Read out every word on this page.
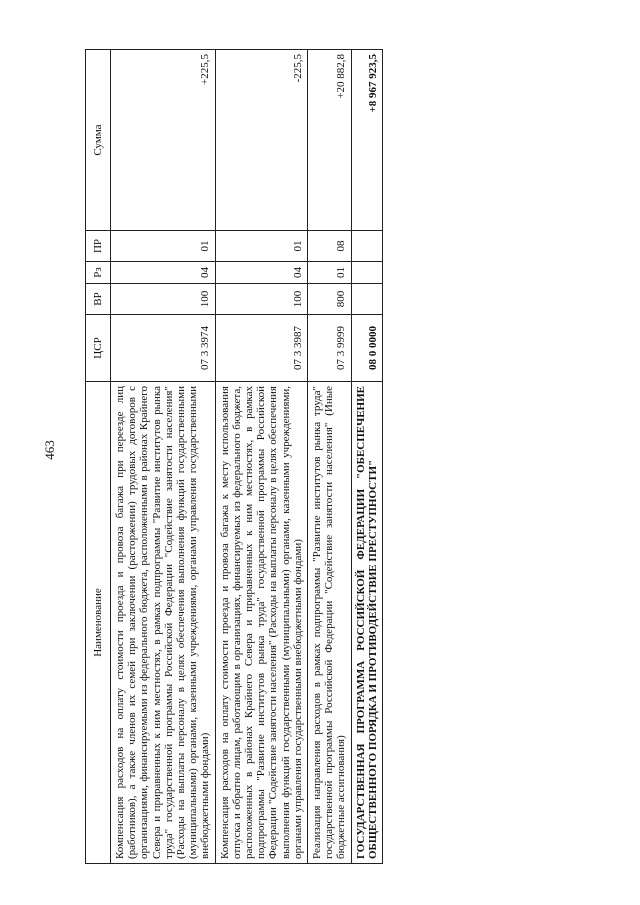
463
Наименование	ЦСР	ВР	Рз	ПР	Сумма
Компенсация расходов на оплату стоимости проезда и провоза багажа при переезде лиц (работников), а также членов их семей при заключении (расторжении) трудовых договоров с организациями, финансируемыми из федерального бюджета, расположенными в районах Крайнего Севера и приравненных к ним местностях, в рамках подпрограммы "Развитие институтов рынка труда" государственной программы Российской Федерации "Содействие занятости населения" (Расходы на выплаты персоналу в целях обеспечения выполнения функций государственными (муниципальными) органами, казенными учреждениями, органами управления государственными внебюджетными фондами)	07 3 3974	100	04	01	+225,5
Компенсация расходов на оплату стоимости проезда и провоза багажа к месту использования отпуска и обратно лицам, работающим в организациях, финансируемых из федерального бюджета, расположенных в районах Крайнего Севера и приравненных к ним местностях, в рамках подпрограммы "Развитие институтов рынка труда" государственной программы Российской Федерации "Содействие занятости населения" (Расходы на выплаты персоналу в целях обеспечения выполнения функций государственными (муниципальными) органами, казенными учреждениями, органами управления государственными внебюджетными фондами)	07 3 3987	100	04	01	-225,5
Реализация направления расходов в рамках подпрограммы "Развитие институтов рынка труда" государственной программы Российской Федерации "Содействие занятости населения" (Иные бюджетные ассигнования)	07 3 9999	800	01	08	+20 882,8
ГОСУДАРСТВЕННАЯ ПРОГРАММА РОССИЙСКОЙ ФЕДЕРАЦИИ "ОБЕСПЕЧЕНИЕ ОБЩЕСТВЕННОГО ПОРЯДКА И ПРОТИВОДЕЙСТВИЕ ПРЕСТУПНОСТИ"	08 0 0000				+8 967 923,5
